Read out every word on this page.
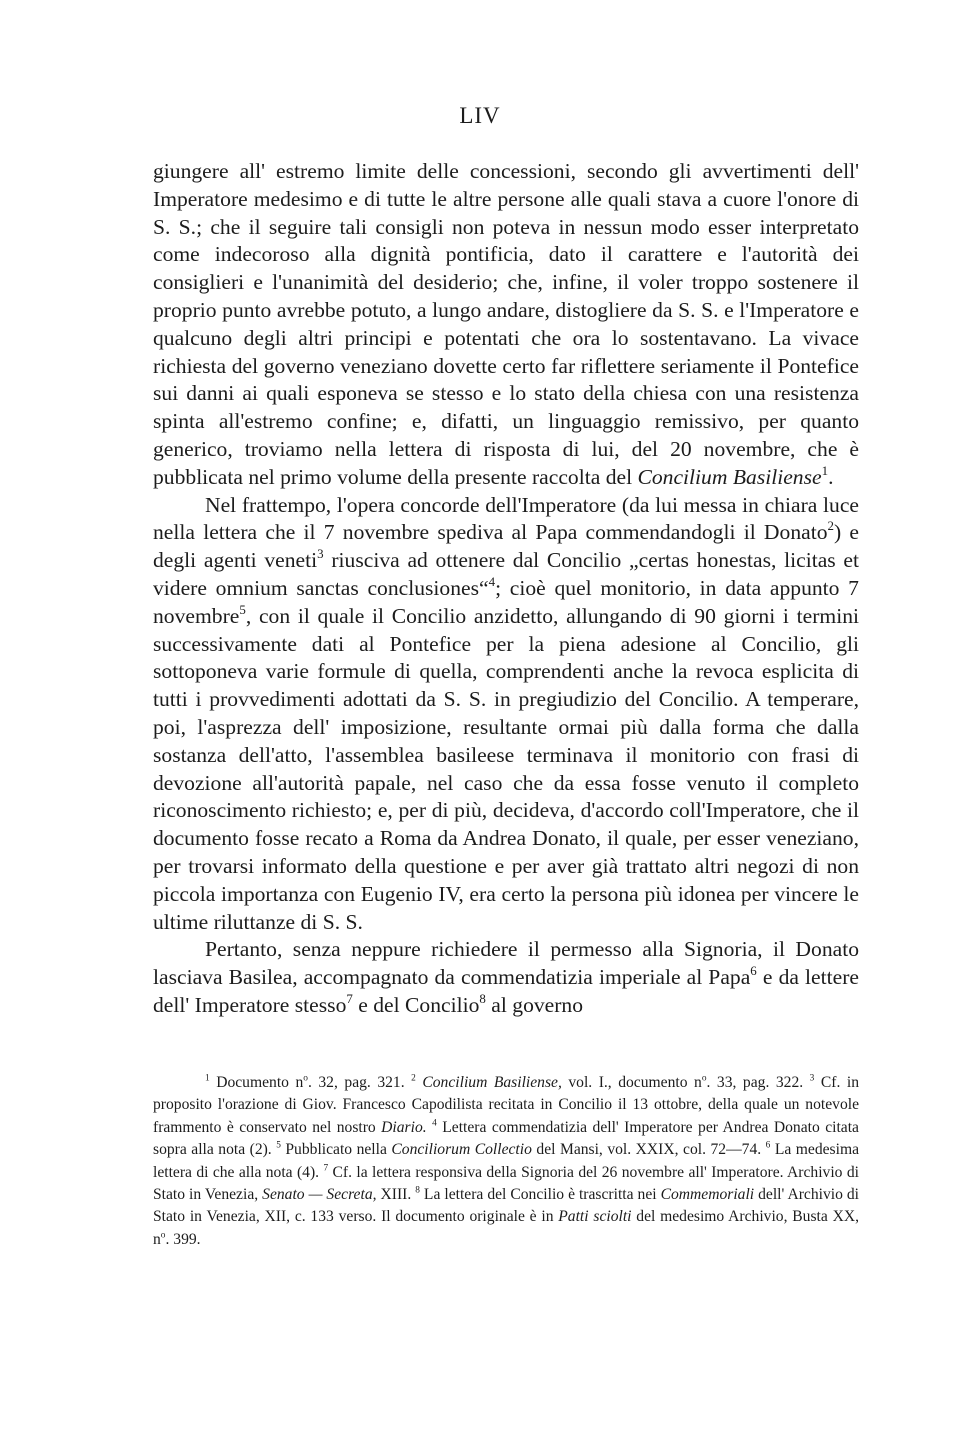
LIV

giungere all' estremo limite delle concessioni, secondo gli avvertimenti dell' Imperatore medesimo e di tutte le altre persone alle quali stava a cuore l'onore di S. S.; che il seguire tali consigli non poteva in nessun modo esser interpretato come indecoroso alla dignità pontificia, dato il carattere e l'autorità dei consiglieri e l'unanimità del desiderio; che, infine, il voler troppo sostenere il proprio punto avrebbe potuto, a lungo andare, distogliere da S. S. e l'Imperatore e qualcuno degli altri principi e potentati che ora lo sostentavano. La vivace richiesta del governo veneziano dovette certo far riflettere seriamente il Pontefice sui danni ai quali esponeva se stesso e lo stato della chiesa con una resistenza spinta all'estremo confine; e, difatti, un linguaggio remissivo, per quanto generico, troviamo nella lettera di risposta di lui, del 20 novembre, che è pubblicata nel primo volume della presente raccolta del Concilium Basiliense$^1$.

Nel frattempo, l'opera concorde dell'Imperatore (da lui messa in chiara luce nella lettera che il 7 novembre spediva al Papa commendandogli il Donato$^2$) e degli agenti veneti$^3$ riusciva ad ottenere dal Concilio „certas honestas, licitas et videre omnium sanctas conclusiones“$^4$; cioè quel monitorio, in data appunto 7 novembre$^5$, con il quale il Concilio anzidetto, allungando di 90 giorni i termini successivamente dati al Pontefice per la piena adesione al Concilio, gli sottoponeva varie formule di quella, comprendenti anche la revoca esplicita di tutti i provvedimenti adottati da S. S. in pregiudizio del Concilio. A temperare, poi, l'asprezza dell' imposizione, resultante ormai più dalla forma che dalla sostanza dell'atto, l'assemblea basileese terminava il monitorio con frasi di devozione all'autorità papale, nel caso che da essa fosse venuto il completo riconoscimento richiesto; e, per di più, decideva, d'accordo coll'Imperatore, che il documento fosse recato a Roma da Andrea Donato, il quale, per esser veneziano, per trovarsi informato della questione e per aver già trattato altri negozi di non piccola importanza con Eugenio IV, era certo la persona più idonea per vincere le ultime riluttanze di S. S.

Pertanto, senza neppure richiedere il permesso alla Signoria, il Donato lasciava Basilea, accompagnato da commendatizia imperiale al Papa$^6$ e da lettere dell' Imperatore stesso$^7$ e del Concilio$^8$ al governo

$^1$ Documento $n^o$. 32, pag. 321. $^2$ Concilium Basiliense, vol. I., documento $n^o$. 33, pag. 322. $^3$ Cf. in proposito l'orazione di Giov. Francesco Capodilista recitata in Concilio il 13 ottobre, della quale un notevole frammento è conservato nel nostro Diario. $^4$ Lettera commendatizia dell' Imperatore per Andrea Donato citata sopra alla nota (2). $^5$ Pubblicato nella Conciliorum Collectio del Mansi, vol. XXIX, col. 72—74. $^6$ La medesima lettera di che alla nota (4). $^7$ Cf. la lettera responsiva della Signoria del 26 novembre all' Imperatore. Archivio di Stato in Venezia, Senato — Secreta, XIII. $^8$ La lettera del Concilio è trascritta nei Commemoriali dell' Archivio di Stato in Venezia, XII, c. 133 verso. Il documento originale è in Patti sciolti del medesimo Archivio, Busta XX, $n^o$. 399.
